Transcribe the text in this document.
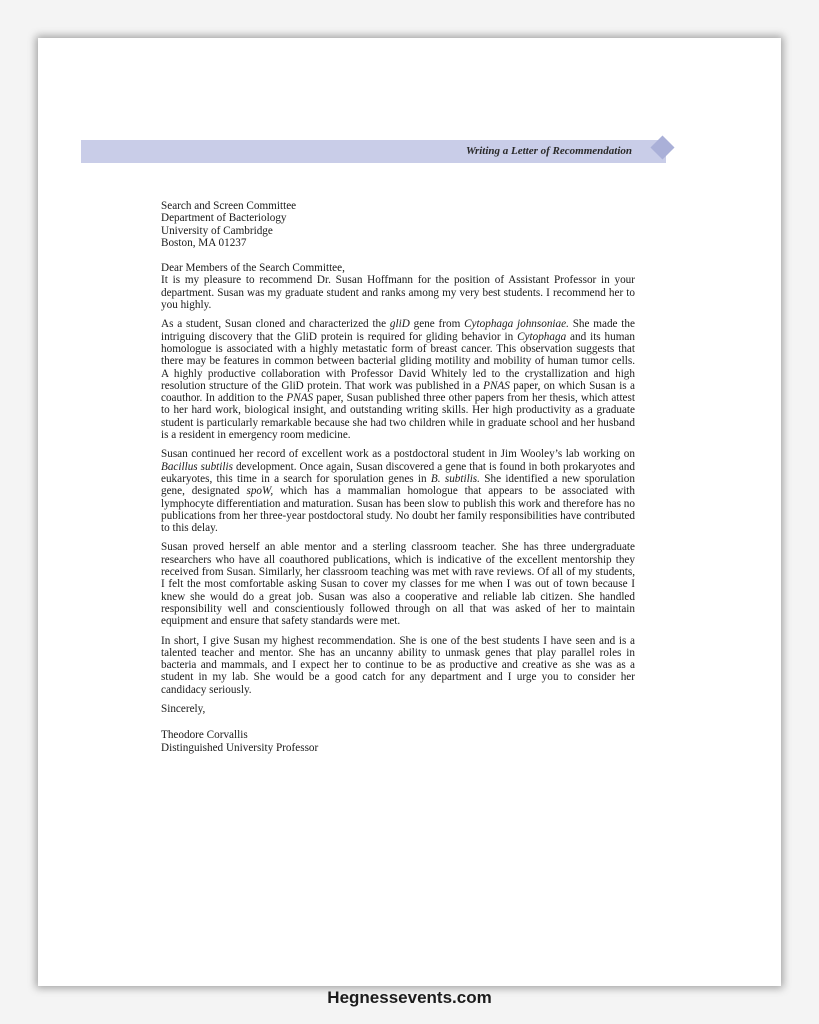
Writing a Letter of Recommendation
Search and Screen Committee
Department of Bacteriology
University of Cambridge
Boston, MA 01237
Dear Members of the Search Committee,

It is my pleasure to recommend Dr. Susan Hoffmann for the position of Assistant Professor in your department. Susan was my graduate student and ranks among my very best students. I recommend her to you highly.

As a student, Susan cloned and characterized the gliD gene from Cytophaga johnsoniae. She made the intriguing discovery that the GliD protein is required for gliding behavior in Cytophaga and its human homologue is associated with a highly metastatic form of breast cancer. This observation suggests that there may be features in common between bacterial gliding motility and mobility of human tumor cells. A highly productive collaboration with Professor David Whitely led to the crystallization and high resolution structure of the GliD protein. That work was published in a PNAS paper, on which Susan is a coauthor. In addition to the PNAS paper, Susan published three other papers from her thesis, which attest to her hard work, biological insight, and outstanding writing skills. Her high productivity as a graduate student is particularly remarkable because she had two children while in graduate school and her husband is a resident in emergency room medicine.

Susan continued her record of excellent work as a postdoctoral student in Jim Wooley’s lab working on Bacillus subtilis development. Once again, Susan discovered a gene that is found in both prokaryotes and eukaryotes, this time in a search for sporulation genes in B. subtilis. She identified a new sporulation gene, designated spoW, which has a mammalian homologue that appears to be associated with lymphocyte differentiation and maturation. Susan has been slow to publish this work and therefore has no publications from her three-year postdoctoral study. No doubt her family responsibilities have contributed to this delay.

Susan proved herself an able mentor and a sterling classroom teacher. She has three undergraduate researchers who have all coauthored publications, which is indicative of the excellent mentorship they received from Susan. Similarly, her classroom teaching was met with rave reviews. Of all of my students, I felt the most comfortable asking Susan to cover my classes for me when I was out of town because I knew she would do a great job. Susan was also a cooperative and reliable lab citizen. She handled responsibility well and conscientiously followed through on all that was asked of her to maintain equipment and ensure that safety standards were met.

In short, I give Susan my highest recommendation. She is one of the best students I have seen and is a talented teacher and mentor. She has an uncanny ability to unmask genes that play parallel roles in bacteria and mammals, and I expect her to continue to be as productive and creative as she was as a student in my lab. She would be a good catch for any department and I urge you to consider her candidacy seriously.

Sincerely,
Theodore Corvallis
Distinguished University Professor
Hegnessevents.com
